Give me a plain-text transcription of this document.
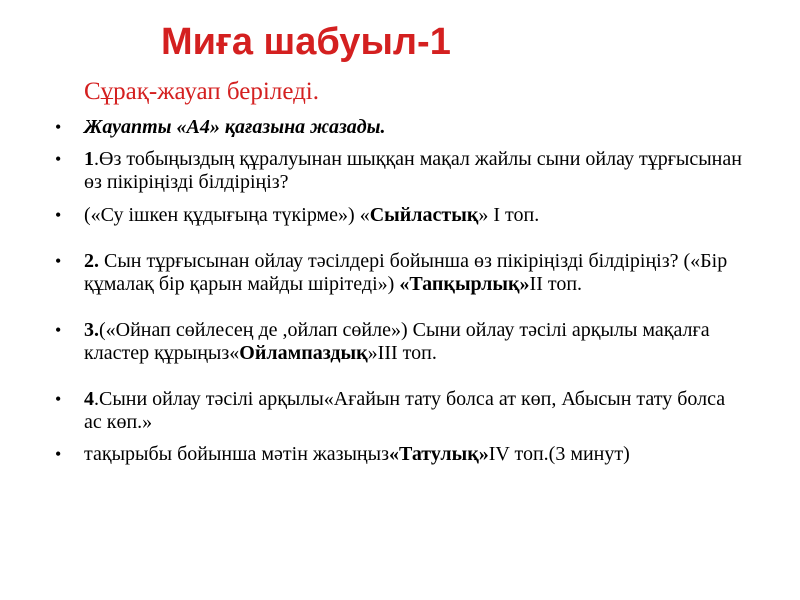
Миға шабуыл-1
Сұрақ-жауап беріледі.
•	Жауапты «А4» қағазына жазады.
•	1.Өз тобыңыздың құралуынан шыққан мақал жайлы сыни ойлау тұрғысынан өз пікіріңізді білдіріңіз?
•	(«Су ішкен құдығыңа түкірме») «Сыйластық» І топ.
•	2. Сын тұрғысынан ойлау тәсілдері бойынша өз пікіріңізді білдіріңіз? («Бір құмалақ бір қарын майды шірітеді») «Тапқырлық»ІІ топ.
•	3.(«Ойнап сөйлесең де ,ойлап сөйле») Сыни ойлау тәсілі арқылы мақалға кластер құрыңыз«Ойлампаздық»ІІІ топ.
•	4.Сыни ойлау тәсілі арқылы«Ағайын тату болса ат көп, Абысын тату болса ас көп.»
•	тақырыбы бойынша мәтін жазыңыз«Татулық»IV топ.(3 минут)
